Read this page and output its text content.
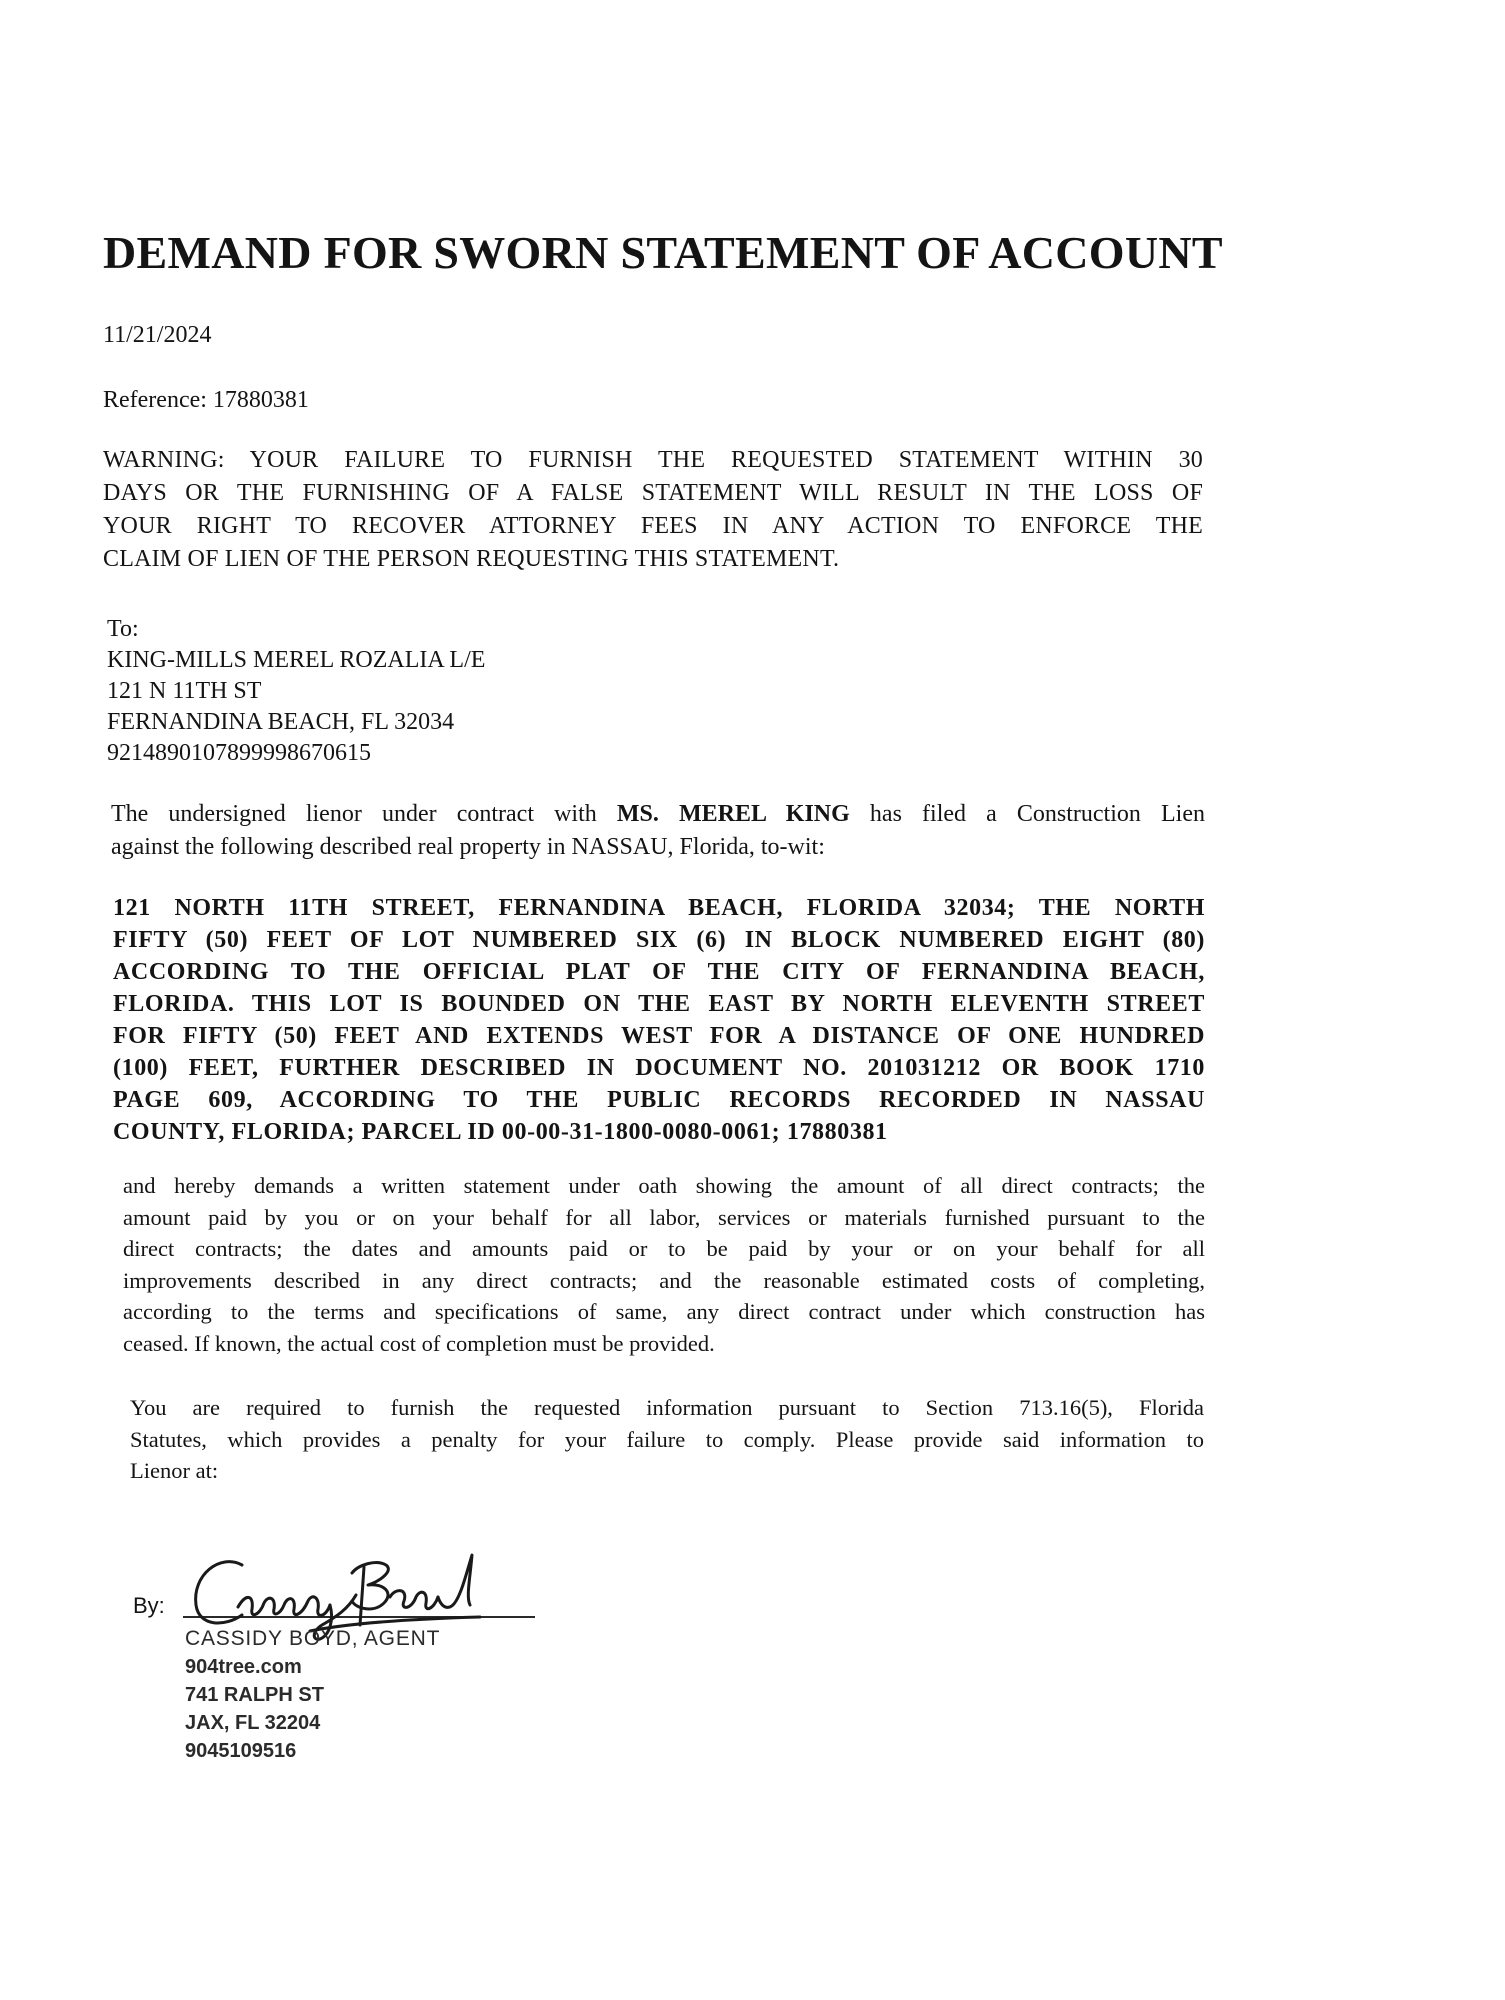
DEMAND FOR SWORN STATEMENT OF ACCOUNT
11/21/2024
Reference: 17880381
WARNING: YOUR FAILURE TO FURNISH THE REQUESTED STATEMENT WITHIN 30
DAYS OR THE FURNISHING OF A FALSE STATEMENT WILL RESULT IN THE LOSS OF
YOUR RIGHT TO RECOVER ATTORNEY FEES IN ANY ACTION TO ENFORCE THE
CLAIM OF LIEN OF THE PERSON REQUESTING THIS STATEMENT.
To:
KING-MILLS MEREL ROZALIA L/E
121 N 11TH ST
FERNANDINA BEACH, FL 32034
9214890107899998670615
The undersigned lienor under contract with MS. MEREL KING has filed a Construction Lien
against the following described real property in NASSAU, Florida, to-wit:
121 NORTH 11TH STREET, FERNANDINA BEACH, FLORIDA 32034; THE NORTH
FIFTY (50) FEET OF LOT NUMBERED SIX (6) IN BLOCK NUMBERED EIGHT (80)
ACCORDING TO THE OFFICIAL PLAT OF THE CITY OF FERNANDINA BEACH,
FLORIDA. THIS LOT IS BOUNDED ON THE EAST BY NORTH ELEVENTH STREET
FOR FIFTY (50) FEET AND EXTENDS WEST FOR A DISTANCE OF ONE HUNDRED
(100) FEET, FURTHER DESCRIBED IN DOCUMENT NO. 201031212 OR BOOK 1710
PAGE 609, ACCORDING TO THE PUBLIC RECORDS RECORDED IN NASSAU
COUNTY, FLORIDA; PARCEL ID 00-00-31-1800-0080-0061; 17880381
and hereby demands a written statement under oath showing the amount of all direct contracts; the
amount paid by you or on your behalf for all labor, services or materials furnished pursuant to the
direct contracts; the dates and amounts paid or to be paid by your or on your behalf for all
improvements described in any direct contracts; and the reasonable estimated costs of completing,
according to the terms and specifications of same, any direct contract under which construction has
ceased. If known, the actual cost of completion must be provided.
You are required to furnish the requested information pursuant to Section 713.16(5), Florida
Statutes, which provides a penalty for your failure to comply. Please provide said information to
Lienor at:
By:
CASSIDY BOYD, AGENT
904tree.com
741 RALPH ST
JAX, FL 32204
9045109516
